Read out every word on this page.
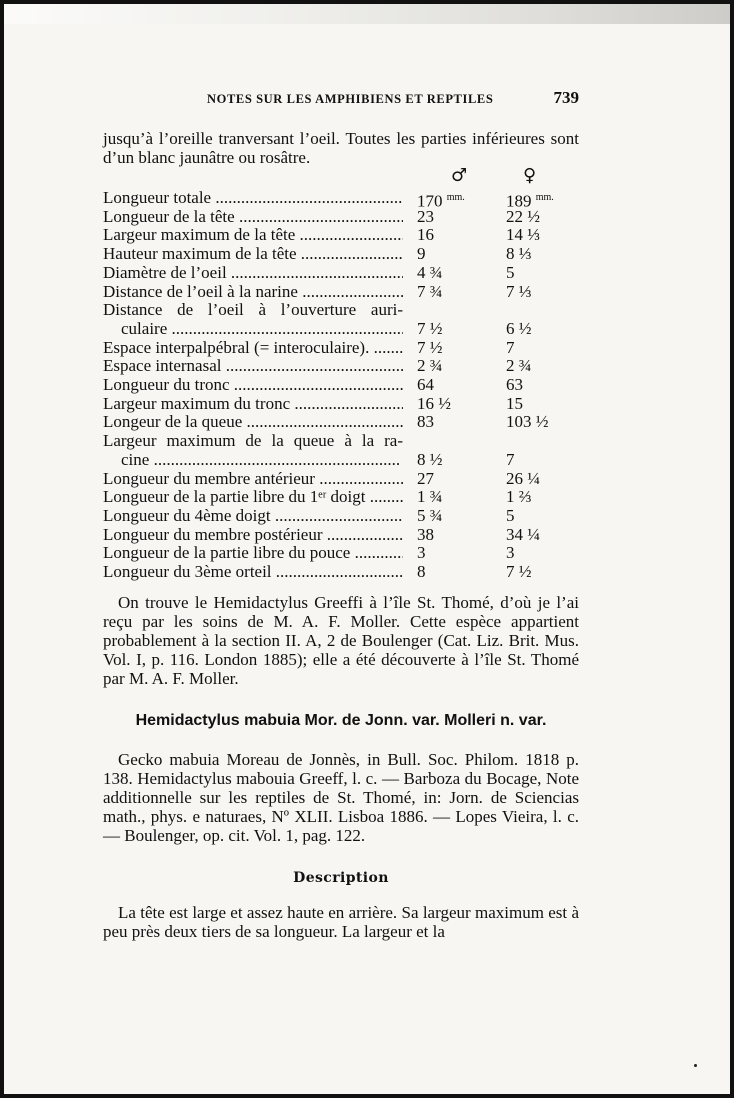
NOTES SUR LES AMPHIBIENS ET REPTILES	739

jusqu’à l’oreille tranversant l’oeil. Toutes les parties inférieures sont d’un blanc jaunâtre ou rosâtre.

♂	♀
Longueur totale .....	170 $^{mm.}$ 189 $^{mm.}$
Longueur de la tête .....	23	22 ½
Largeur maximum de la tête .....	16	14 ⅓
Hauteur maximum de la tête .....	9	8 ⅓
Diamètre de l’oeil .....	4 ¾	5
Distance de l’oeil à la narine .....	7 ¾	7 ⅓
Distance de l’oeil à l’ouverture auri-
culaire .....	7 ½	6 ½
Espace interpalpébral (= interoculaire). .....	7 ½	7
Espace internasal .....	2 ¾	2 ¾
Longueur du tronc .....	64	63
Largeur maximum du tronc .....	16 ½	15
Longeur de la queue .....	83	103 ½
Largeur maximum de la queue à la ra-
cine .....	8 ½	7
Longueur du membre antérieur .....	27	26 ¼
Longueur de la partie libre du 1ᵉʳ doigt .....	1 ¾	1 ⅔
Longueur du 4ème doigt .....	5 ¾	5
Longueur du membre postérieur .....	38	34 ¼
Longueur de la partie libre du pouce .....	3	3
Longueur du 3ème orteil .....	8	7 ½

On trouve le Hemidactylus Greeffi à l’île St. Thomé, d’où je l’ai reçu par les soins de M. A. F. Moller. Cette espèce appartient probablement à la section II. A, 2 de Boulenger (Cat. Liz. Brit. Mus. Vol. I, p. 116. London 1885); elle a été découverte à l’île St. Thomé par M. A. F. Moller.

Hemidactylus mabuia Mor. de Jonn. var. Molleri n. var.

Gecko mabuia Moreau de Jonnès, in Bull. Soc. Philom. 1818 p. 138. Hemidactylus mabouia Greeff, l. c. — Barboza du Bocage, Note additionnelle sur les reptiles de St. Thomé, in: Jorn. de Sciencias math., phys. e naturaes, Nº XLII. Lisboa 1886. — Lopes Vieira, l. c. — Boulenger, op. cit. Vol. 1, pag. 122.

Description

La tête est large et assez haute en arrière. Sa largeur maximum est à peu près deux tiers de sa longueur. La largeur et la
